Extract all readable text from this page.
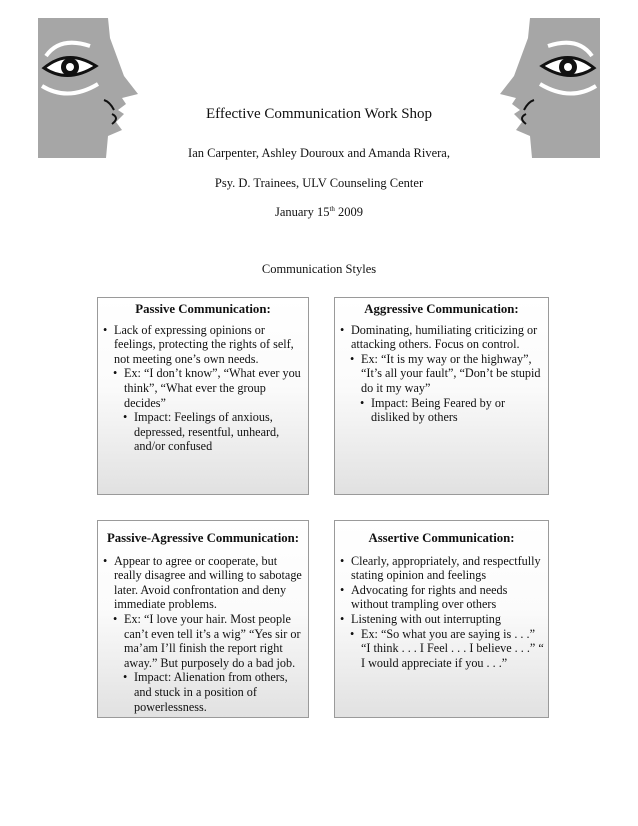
Effective Communication Work Shop
Ian Carpenter, Ashley Douroux and Amanda Rivera,
Psy. D. Trainees, ULV Counseling Center
January 15th 2009
Communication Styles
Passive Communication:
• Lack of expressing opinions or feelings, protecting the rights of self, not meeting one’s own needs.
• Ex: “I don’t know”, “What ever you think”, “What ever the group decides”
• Impact: Feelings of anxious, depressed, resentful, unheard, and/or confused
Aggressive Communication:
• Dominating, humiliating criticizing or attacking others. Focus on control.
• Ex: “It is my way or the highway”, “It’s all your fault”, “Don’t be stupid do it my way”
• Impact: Being Feared by or disliked by others
Passive-Agressive Communication:
• Appear to agree or cooperate, but really disagree and willing to sabotage later. Avoid confrontation and deny immediate problems.
• Ex: “I love your hair. Most people can’t even tell it’s a wig” “Yes sir or ma’am I’ll finish the report right away.” But purposely do a bad job.
• Impact: Alienation from others, and stuck in a position of powerlessness.
Assertive Communication:
• Clearly, appropriately, and respectfully stating opinion and feelings
• Advocating for rights and needs without trampling over others
• Listening with out interrupting
• Ex: “So what you are saying is . . .” “I think . . . I Feel . . . I believe . . .” “ I would appreciate if you . . .”
